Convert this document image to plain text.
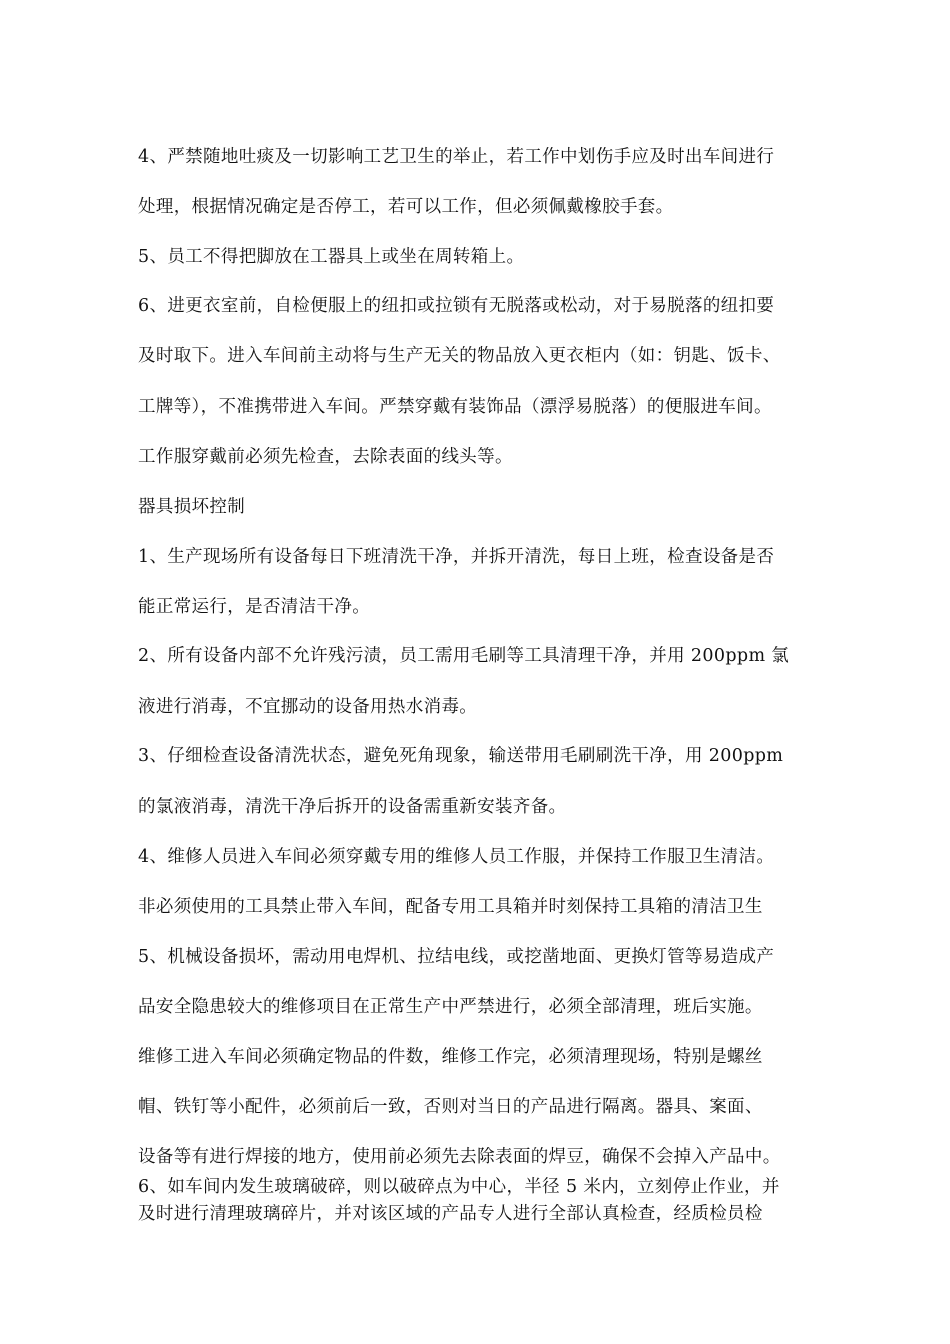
4、严禁随地吐痰及一切影响工艺卫生的举止，若工作中划伤手应及时出车间进行
处理，根据情况确定是否停工，若可以工作，但必须佩戴橡胶手套。
5、员工不得把脚放在工器具上或坐在周转箱上。
6、进更衣室前，自检便服上的纽扣或拉锁有无脱落或松动，对于易脱落的纽扣要
及时取下。进入车间前主动将与生产无关的物品放入更衣柜内（如：钥匙、饭卡、
工牌等），不准携带进入车间。严禁穿戴有装饰品（漂浮易脱落）的便服进车间。
工作服穿戴前必须先检查，去除表面的线头等。
器具损坏控制
1、生产现场所有设备每日下班清洗干净，并拆开清洗，每日上班，检查设备是否
能正常运行，是否清洁干净。
2、所有设备内部不允许残污渍，员工需用毛刷等工具清理干净，并用 200ppm 氯
液进行消毒，不宜挪动的设备用热水消毒。
3、仔细检查设备清洗状态，避免死角现象，输送带用毛刷刷洗干净，用 200ppm
的氯液消毒，清洗干净后拆开的设备需重新安装齐备。
4、维修人员进入车间必须穿戴专用的维修人员工作服，并保持工作服卫生清洁。
非必须使用的工具禁止带入车间，配备专用工具箱并时刻保持工具箱的清洁卫生
5、机械设备损坏，需动用电焊机、拉结电线，或挖凿地面、更换灯管等易造成产
品安全隐患较大的维修项目在正常生产中严禁进行，必须全部清理，班后实施。
维修工进入车间必须确定物品的件数，维修工作完，必须清理现场，特别是螺丝
帽、铁钉等小配件，必须前后一致，否则对当日的产品进行隔离。器具、案面、
设备等有进行焊接的地方，使用前必须先去除表面的焊豆，确保不会掉入产品中。
6、如车间内发生玻璃破碎，则以破碎点为中心，半径 5 米内，立刻停止作业，并
及时进行清理玻璃碎片，并对该区域的产品专人进行全部认真检查，经质检员检
